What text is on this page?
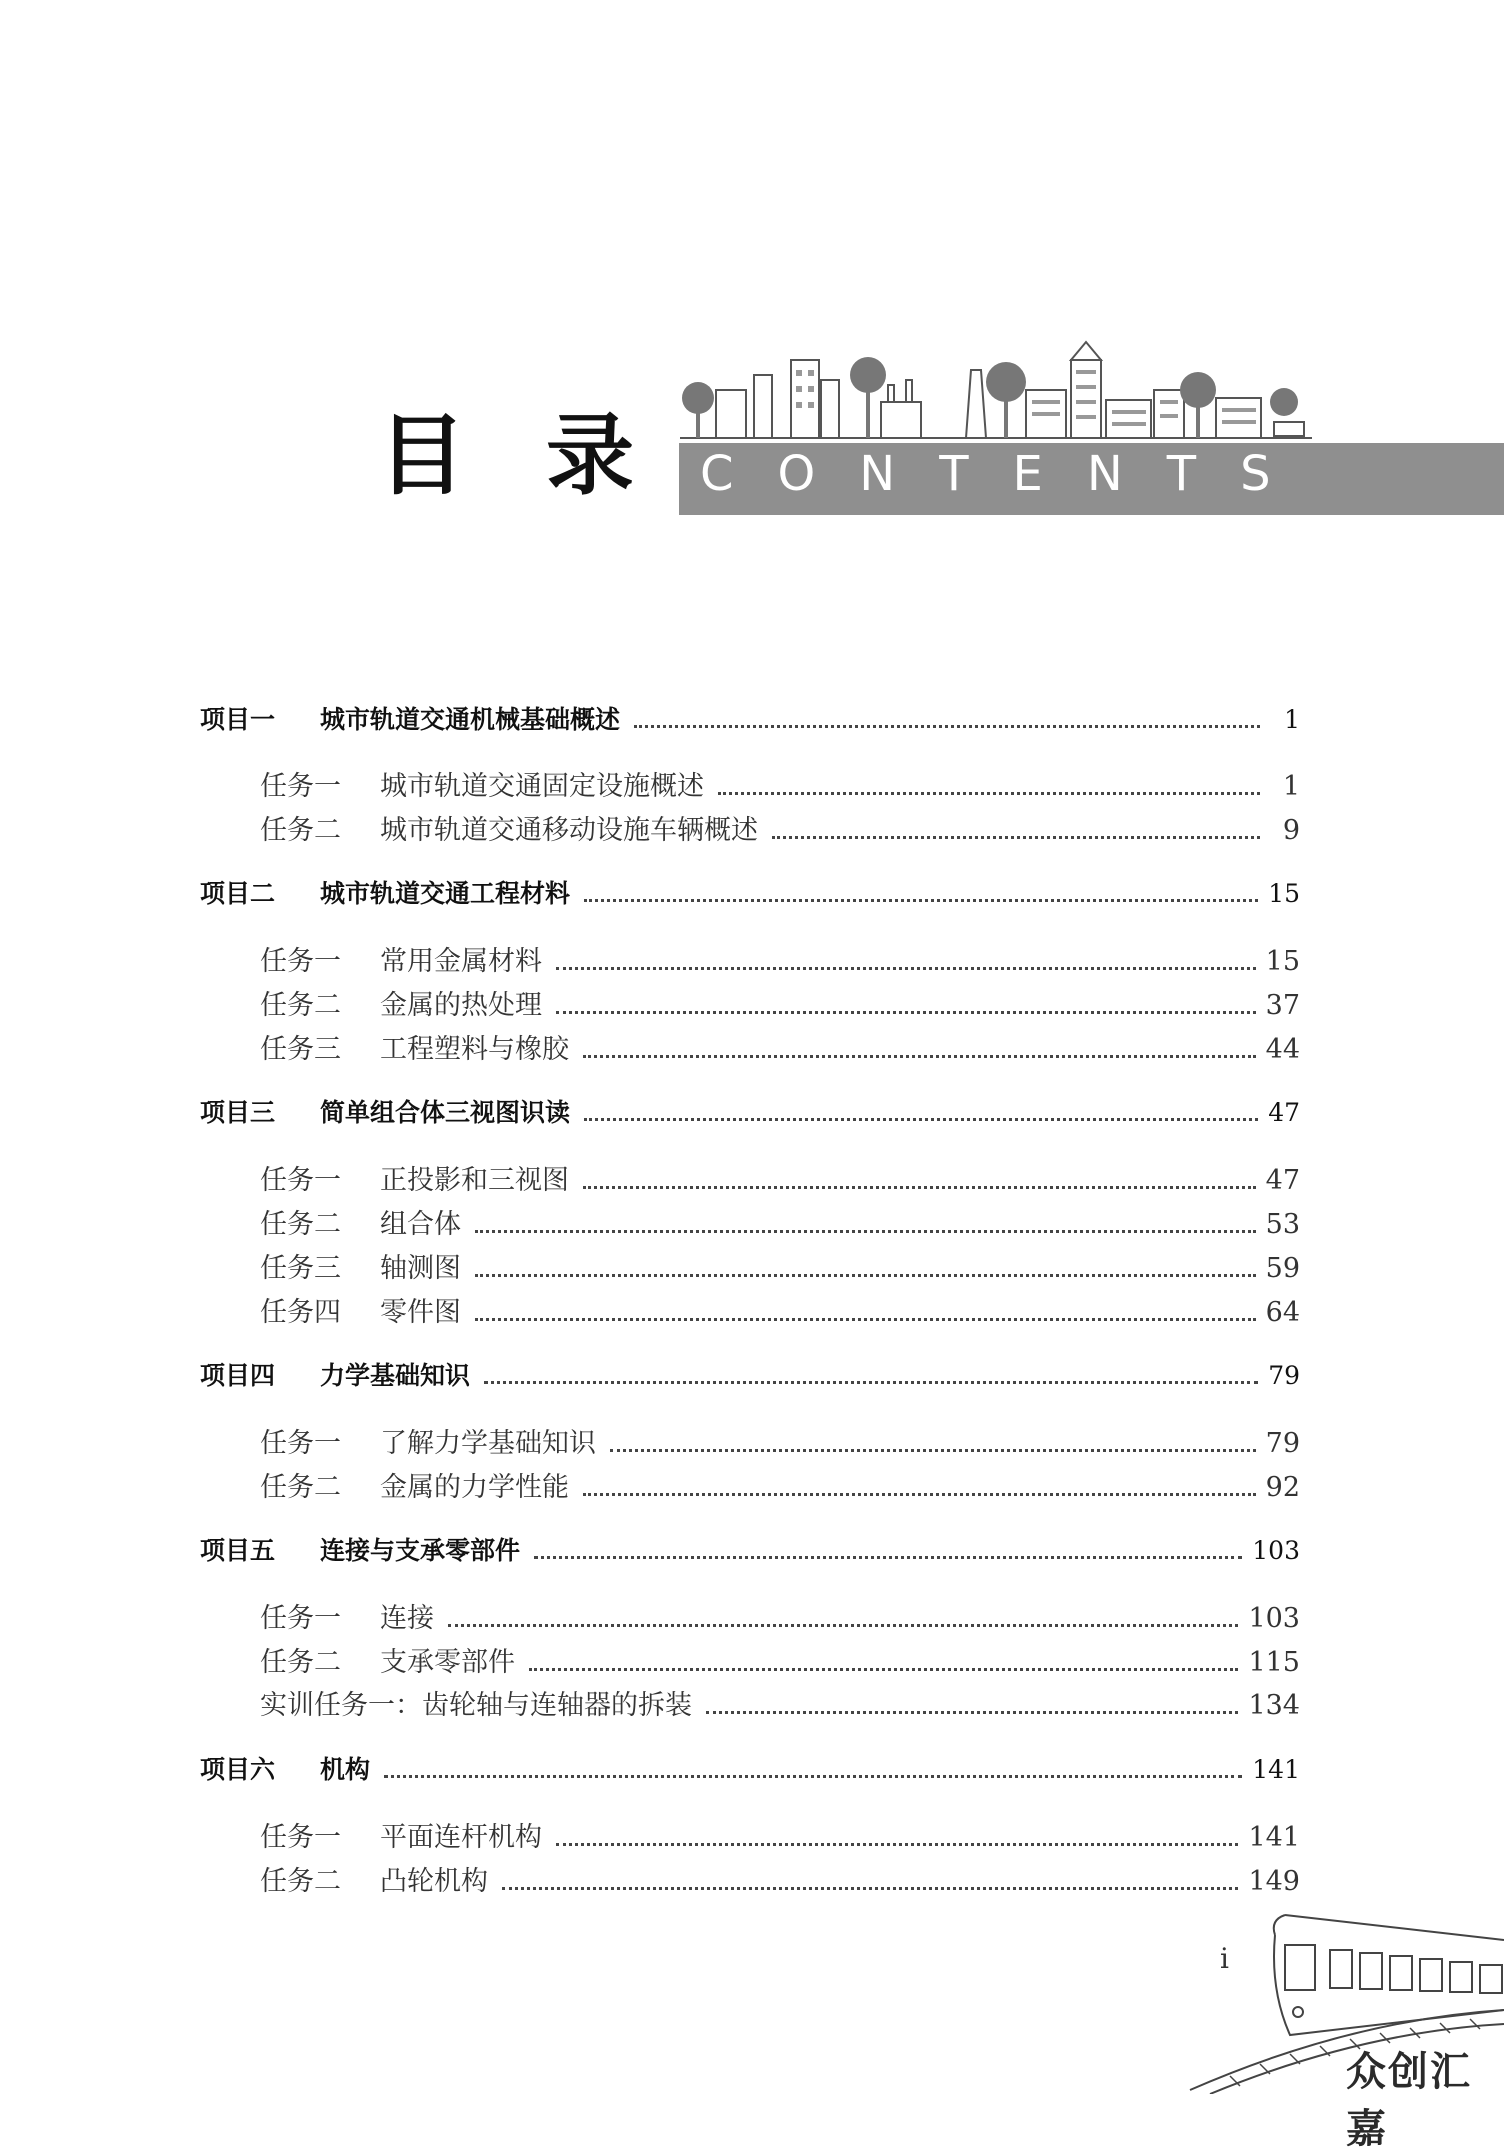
目 录 CONTENTS
项目一	城市轨道交通机械基础概述	1
任务一	城市轨道交通固定设施概述	1
任务二	城市轨道交通移动设施车辆概述	9
项目二	城市轨道交通工程材料	15
任务一	常用金属材料	15
任务二	金属的热处理	37
任务三	工程塑料与橡胶	44
项目三	简单组合体三视图识读	47
任务一	正投影和三视图	47
任务二	组合体	53
任务三	轴测图	59
任务四	零件图	64
项目四	力学基础知识	79
任务一	了解力学基础知识	79
任务二	金属的力学性能	92
项目五	连接与支承零部件	103
任务一	连接	103
任务二	支承零部件	115
实训任务一：齿轮轴与连轴器的拆装	134
项目六	机构	141
任务一	平面连杆机构	141
任务二	凸轮机构	149
i
众创汇嘉
